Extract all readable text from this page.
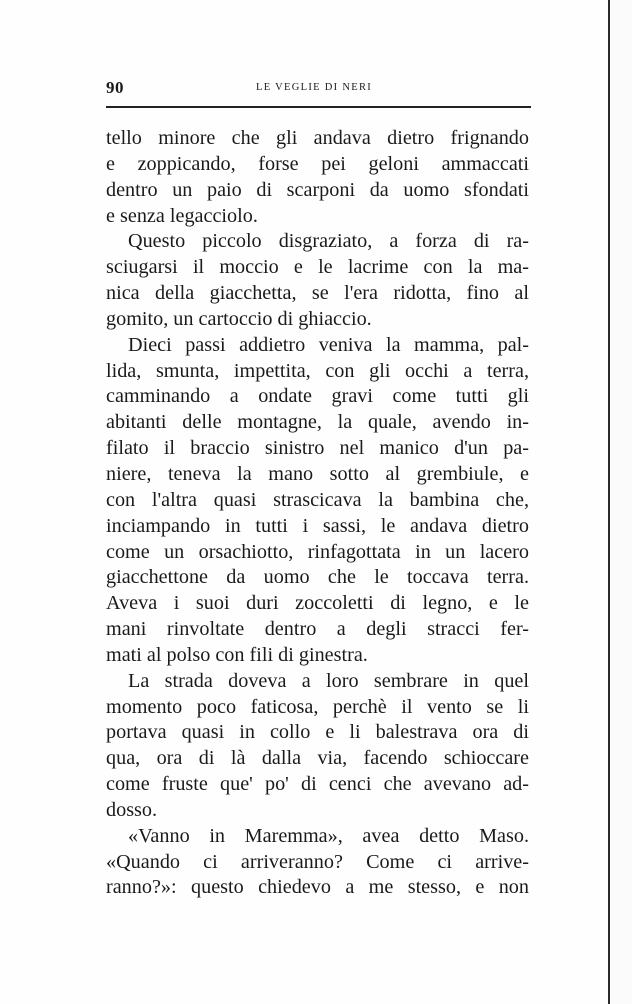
90	LE VEGLIE DI NERI
tello minore che gli andava dietro frignando
e zoppicando, forse pei geloni ammaccati
dentro un paio di scarponi da uomo sfondati
e senza legacciolo.
Questo piccolo disgraziato, a forza di ra-
sciugarsi il moccio e le lacrime con la ma-
nica della giacchetta, se l'era ridotta, fino al
gomito, un cartoccio di ghiaccio.
Dieci passi addietro veniva la mamma, pal-
lida, smunta, impettita, con gli occhi a terra,
camminando a ondate gravi come tutti gli
abitanti delle montagne, la quale, avendo in-
filato il braccio sinistro nel manico d'un pa-
niere, teneva la mano sotto al grembiule, e
con l'altra quasi strascicava la bambina che,
inciampando in tutti i sassi, le andava dietro
come un orsachiotto, rinfagottata in un lacero
giacchettone da uomo che le toccava terra.
Aveva i suoi duri zoccoletti di legno, e le
mani rinvoltate dentro a degli stracci fer-
mati al polso con fili di ginestra.
La strada doveva a loro sembrare in quel
momento poco faticosa, perchè il vento se li
portava quasi in collo e li balestrava ora di
qua, ora di là dalla via, facendo schioccare
come fruste que' po' di cenci che avevano ad-
dosso.
«Vanno in Maremma», avea detto Maso.
«Quando ci arriveranno? Come ci arrive-
ranno?»: questo chiedevo a me stesso, e non
